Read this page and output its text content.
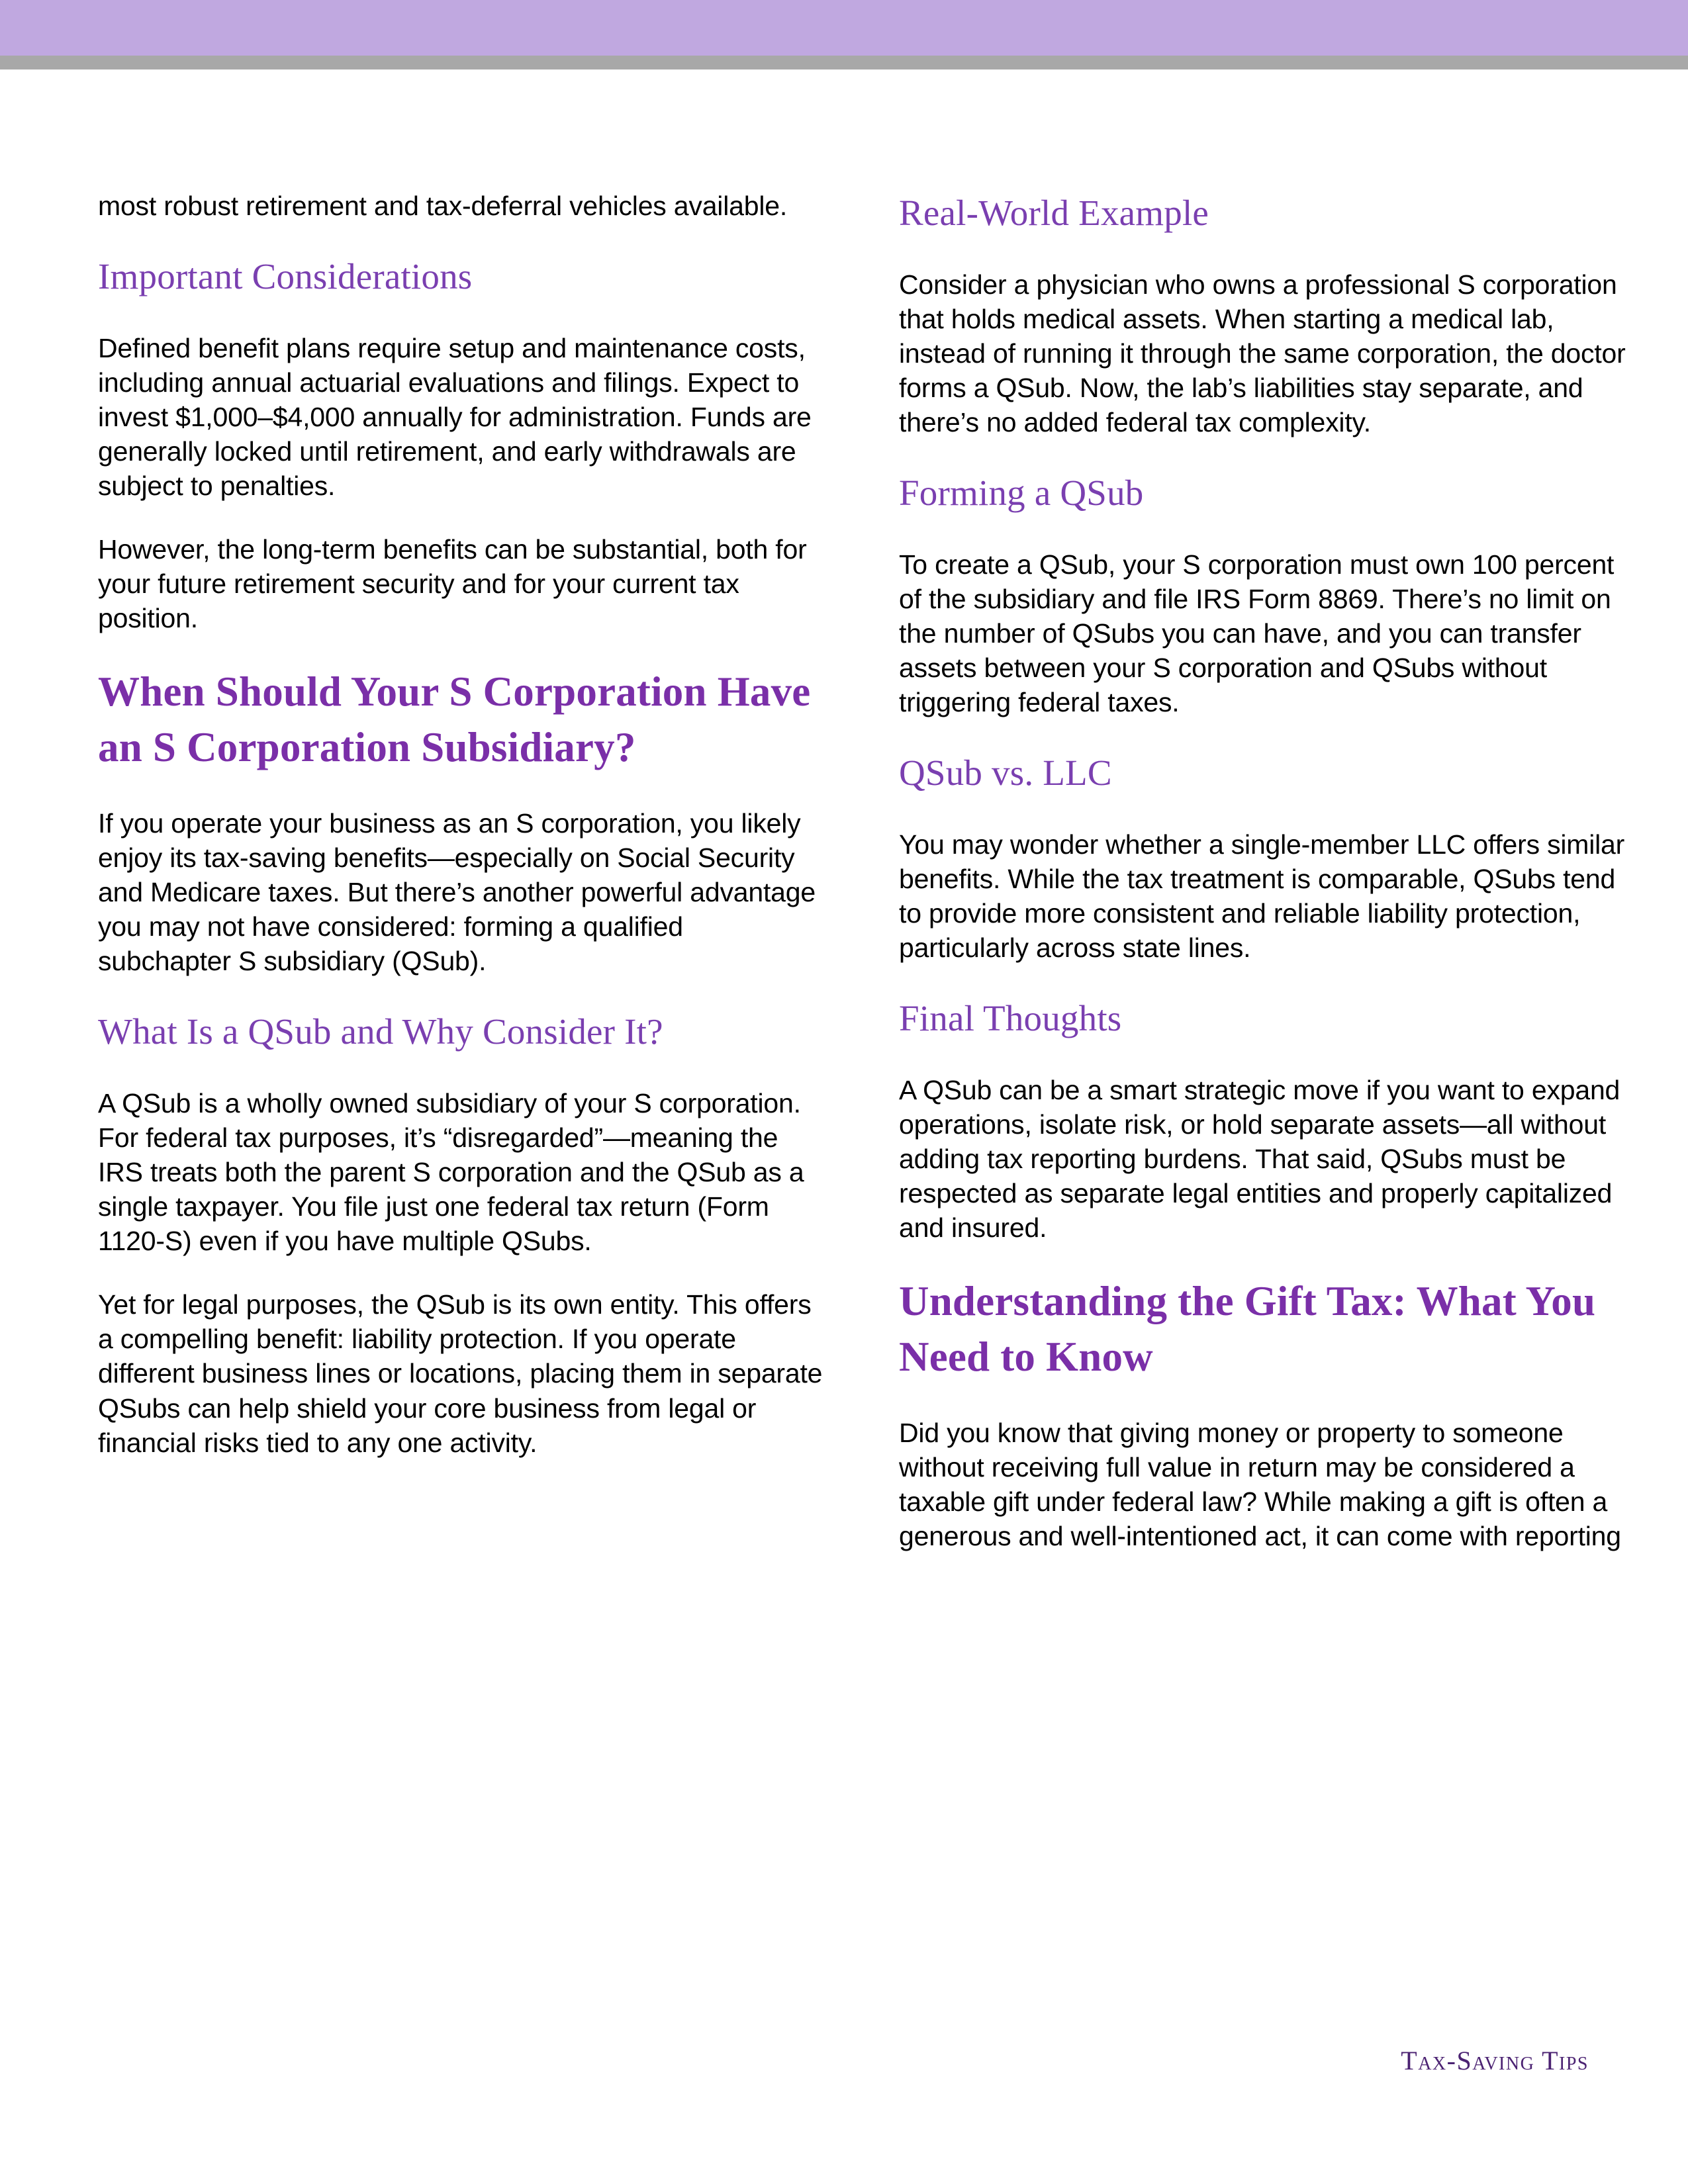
most robust retirement and tax-deferral vehicles available.

Important Considerations

Defined benefit plans require setup and maintenance costs, including annual actuarial evaluations and filings. Expect to invest $1,000–$4,000 annually for administration. Funds are generally locked until retirement, and early withdrawals are subject to penalties.

However, the long-term benefits can be substantial, both for your future retirement security and for your current tax position.

When Should Your S Corporation Have an S Corporation Subsidiary?

If you operate your business as an S corporation, you likely enjoy its tax-saving benefits—especially on Social Security and Medicare taxes. But there’s another powerful advantage you may not have considered: forming a qualified subchapter S subsidiary (QSub).

What Is a QSub and Why Consider It?

A QSub is a wholly owned subsidiary of your S corporation. For federal tax purposes, it’s “disregarded”—meaning the IRS treats both the parent S corporation and the QSub as a single taxpayer. You file just one federal tax return (Form 1120-S) even if you have multiple QSubs.

Yet for legal purposes, the QSub is its own entity. This offers a compelling benefit: liability protection. If you operate different business lines or locations, placing them in separate QSubs can help shield your core business from legal or financial risks tied to any one activity.

Real-World Example

Consider a physician who owns a professional S corporation that holds medical assets. When starting a medical lab, instead of running it through the same corporation, the doctor forms a QSub. Now, the lab’s liabilities stay separate, and there’s no added federal tax complexity.

Forming a QSub

To create a QSub, your S corporation must own 100 percent of the subsidiary and file IRS Form 8869. There’s no limit on the number of QSubs you can have, and you can transfer assets between your S corporation and QSubs without triggering federal taxes.

QSub vs. LLC

You may wonder whether a single-member LLC offers similar benefits. While the tax treatment is comparable, QSubs tend to provide more consistent and reliable liability protection, particularly across state lines.

Final Thoughts

A QSub can be a smart strategic move if you want to expand operations, isolate risk, or hold separate assets—all without adding tax reporting burdens. That said, QSubs must be respected as separate legal entities and properly capitalized and insured.

Understanding the Gift Tax: What You Need to Know

Did you know that giving money or property to someone without receiving full value in return may be considered a taxable gift under federal law? While making a gift is often a generous and well-intentioned act, it can come with reporting

Tax-Saving Tips
